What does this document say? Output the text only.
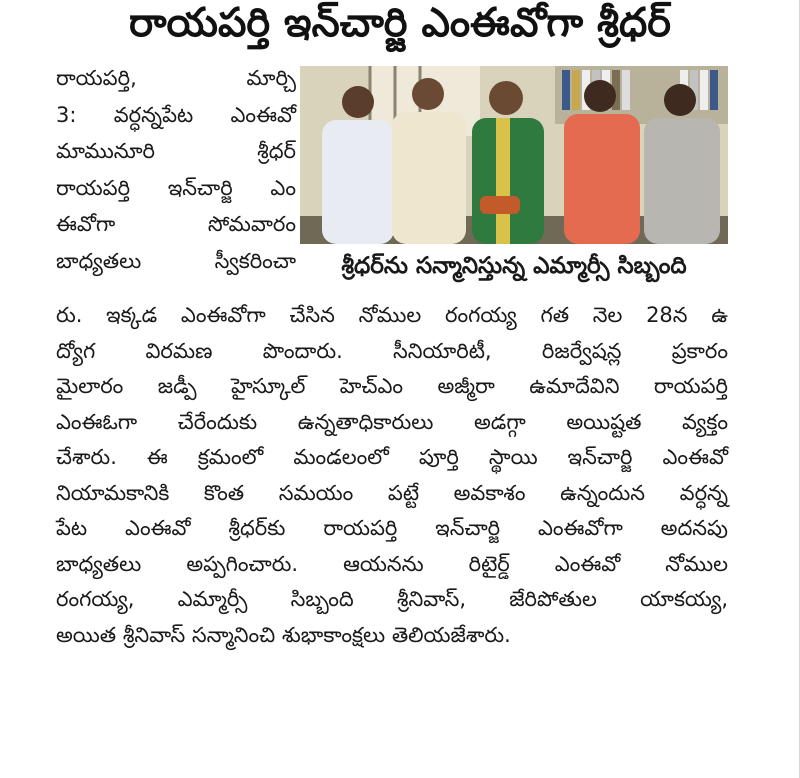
రాయపర్తి ఇన్‌చార్జి ఎంఈవోగా శ్రీధర్
రాయపర్తి, మార్చి
3: వర్ధన్నపేట ఎంఈవో
మామునూరి శ్రీధర్
రాయపర్తి ఇన్‌చార్జి ఎం
ఈవోగా సోమవారం
బాధ్యతలు స్వీకరించా	శ్రీధర్‌ను సన్మానిస్తున్న ఎమ్మార్సీ సిబ్బంది
రు. ఇక్కడ ఎంఈవోగా చేసిన నోముల రంగయ్య గత నెల 28న ఉ
ద్యోగ విరమణ పొందారు. సీనియారిటీ, రిజర్వేషన్ల ప్రకారం
మైలారం జడ్పీ హైస్కూల్ హెచ్ఎం అజ్మీరా ఉమాదేవిని రాయపర్తి
ఎంఈఓగా చేరేందుకు ఉన్నతాధికారులు అడగ్గా అయిష్టత వ్యక్తం
చేశారు. ఈ క్రమంలో మండలంలో పూర్తి స్థాయి ఇన్‌చార్జి ఎంఈవో
నియామకానికి కొంత సమయం పట్టే అవకాశం ఉన్నందున వర్ధన్న
పేట ఎంఈవో శ్రీధర్‌కు రాయపర్తి ఇన్‌చార్జి ఎంఈవోగా అదనపు
బాధ్యతలు అప్పగించారు. ఆయనను రిటైర్డ్ ఎంఈవో నోముల
రంగయ్య, ఎమ్మార్సీ సిబ్బంది శ్రీనివాస్, జేరిపోతుల యాకయ్య,
అయిత శ్రీనివాస్ సన్మానించి శుభాకాంక్షలు తెలియజేశారు.
